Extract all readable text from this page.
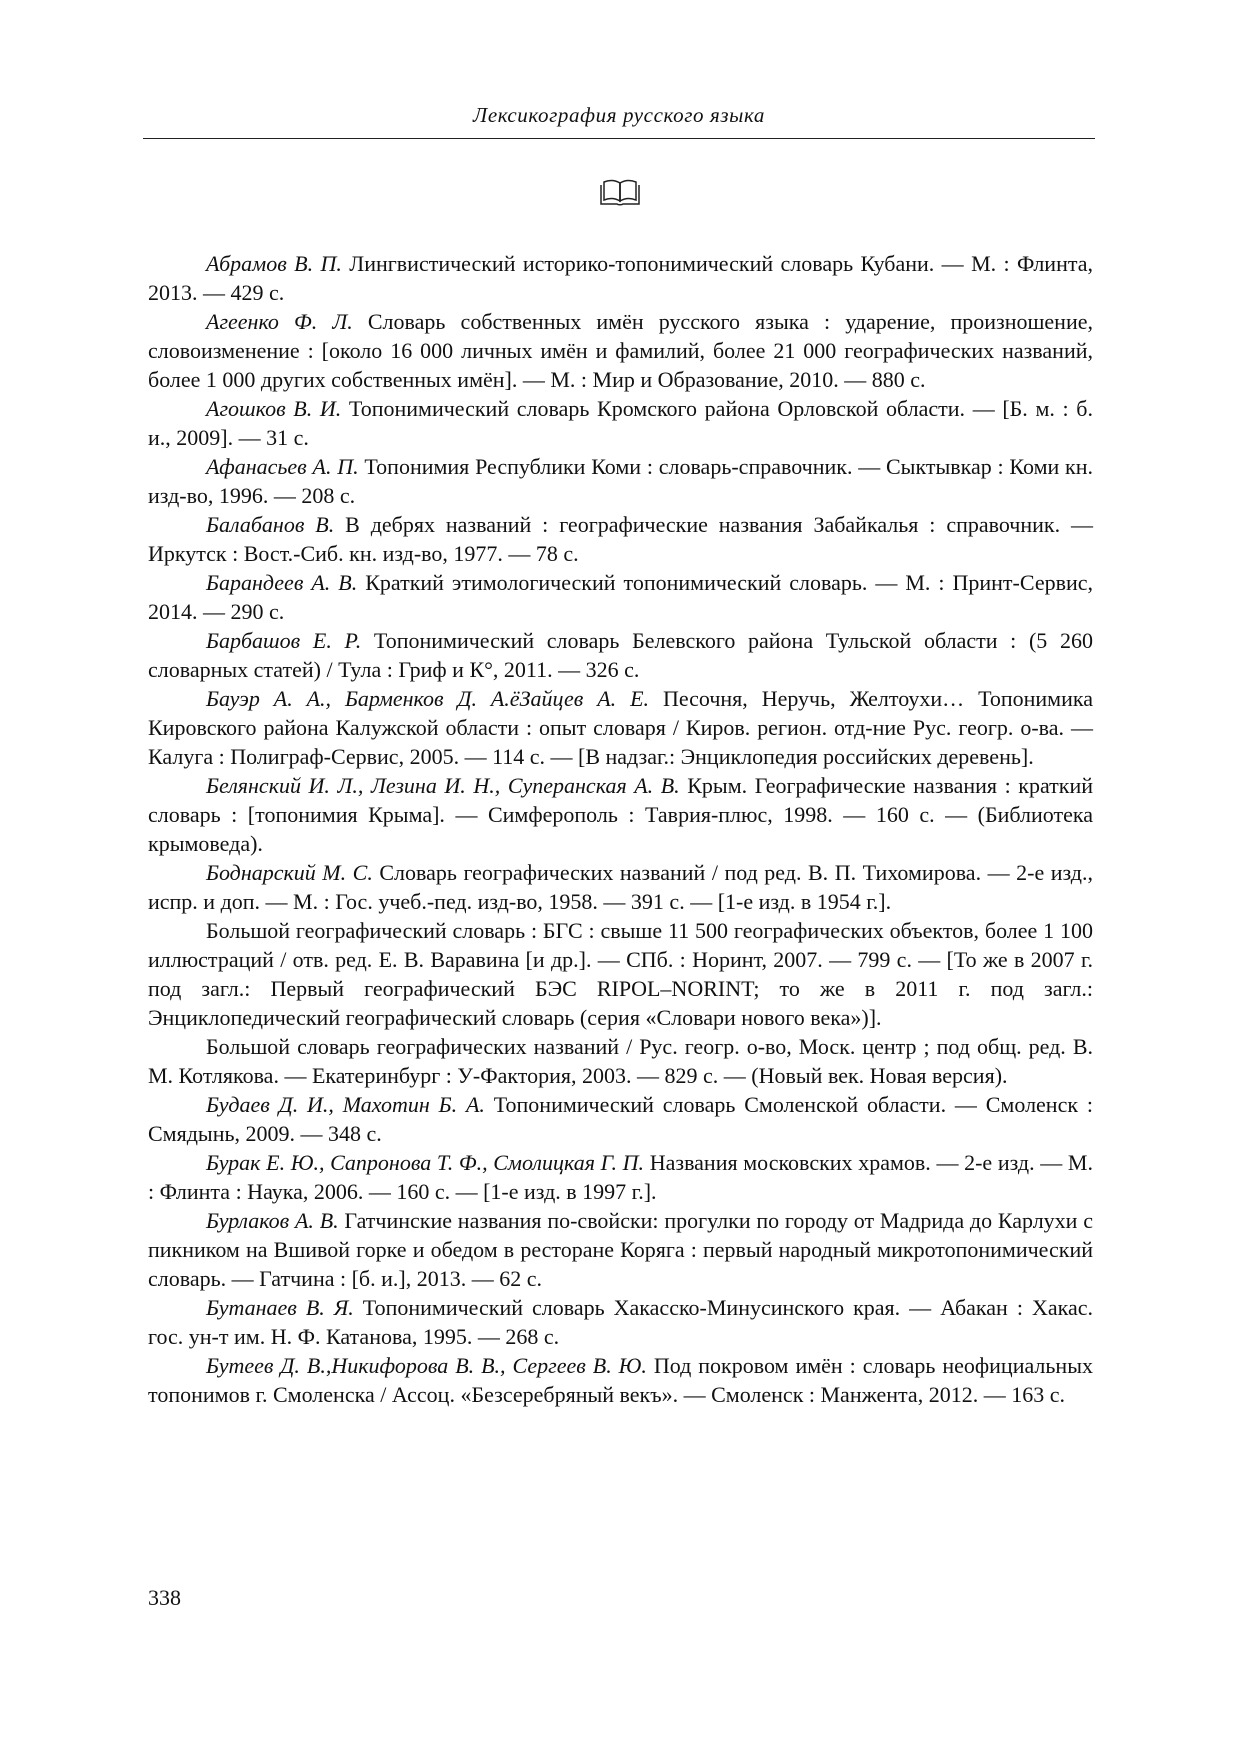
Лексикография русского языка

Абрамов В. П. Лингвистический историко-топонимический словарь Кубани. — М. : Флинта, 2013. — 429 с.

Агеенко Ф. Л. Словарь собственных имён русского языка : ударение, произношение, словоизменение : [около 16 000 личных имён и фамилий, более 21 000 географических названий, более 1 000 других собственных имён]. — М. : Мир и Образование, 2010. — 880 с.

Агошков В. И. Топонимический словарь Кромского района Орловской области. — [Б. м. : б. и., 2009]. — 31 с.

Афанасьев А. П. Топонимия Республики Коми : словарь-справочник. — Сыктывкар : Коми кн. изд-во, 1996. — 208 с.

Балабанов В. В дебрях названий : географические названия Забайкалья : справочник. — Иркутск : Вост.-Сиб. кн. изд-во, 1977. — 78 с.

Барандеев А. В. Краткий этимологический топонимический словарь. — М. : Принт-Сервис, 2014. — 290 с.

Барбашов Е. Р. Топонимический словарь Белевского района Тульской области : (5 260 словарных статей) / Тула : Гриф и К°, 2011. — 326 с.

Бауэр А. А., Барменков Д. А.ёЗайцев А. Е. Песочня, Неручь, Желтоухи… Топонимика Кировского района Калужской области : опыт словаря / Киров. регион. отд-ние Рус. геогр. о-ва. — Калуга : Полиграф-Сервис, 2005. — 114 с. — [В надзаг.: Энциклопедия российских деревень].

Белянский И. Л., Лезина И. Н., Суперанская А. В. Крым. Географические названия : краткий словарь : [топонимия Крыма]. — Симферополь : Таврия-плюс, 1998. — 160 с. — (Библиотека крымоведа).

Боднарский М. С. Словарь географических названий / под ред. В. П. Тихомирова. — 2-е изд., испр. и доп. — М. : Гос. учеб.-пед. изд-во, 1958. — 391 с. — [1-е изд. в 1954 г.].

Большой географический словарь : БГС : свыше 11 500 географических объектов, более 1 100 иллюстраций / отв. ред. Е. В. Варавина [и др.]. — СПб. : Норинт, 2007. — 799 с. — [То же в 2007 г. под загл.: Первый географический БЭС RIPOL–NORINT; то же в 2011 г. под загл.: Энциклопедический географический словарь (серия «Словари нового века»)].

Большой словарь географических названий / Рус. геогр. о-во, Моск. центр ; под общ. ред. В. М. Котлякова. — Екатеринбург : У-Фактория, 2003. — 829 с. — (Новый век. Новая версия).

Будаев Д. И., Махотин Б. А. Топонимический словарь Смоленской области. — Смоленск : Смядынь, 2009. — 348 с.

Бурак Е. Ю., Сапронова Т. Ф., Смолицкая Г. П. Названия московских храмов. — 2-е изд. — М. : Флинта : Наука, 2006. — 160 с. — [1-е изд. в 1997 г.].

Бурлаков А. В. Гатчинские названия по-свойски: прогулки по городу от Мадрида до Карлухи с пикником на Вшивой горке и обедом в ресторане Коряга : первый народный микротопонимический словарь. — Гатчина : [б. и.], 2013. — 62 с.

Бутанаев В. Я. Топонимический словарь Хакасско-Минусинского края. — Абакан : Хакас. гос. ун-т им. Н. Ф. Катанова, 1995. — 268 с.

Бутеев Д. В.,Никифорова В. В., Сергеев В. Ю. Под покровом имён : словарь неофициальных топонимов г. Смоленска / Ассоц. «Безсеребряный векъ». — Смоленск : Манжента, 2012. — 163 с.

338
